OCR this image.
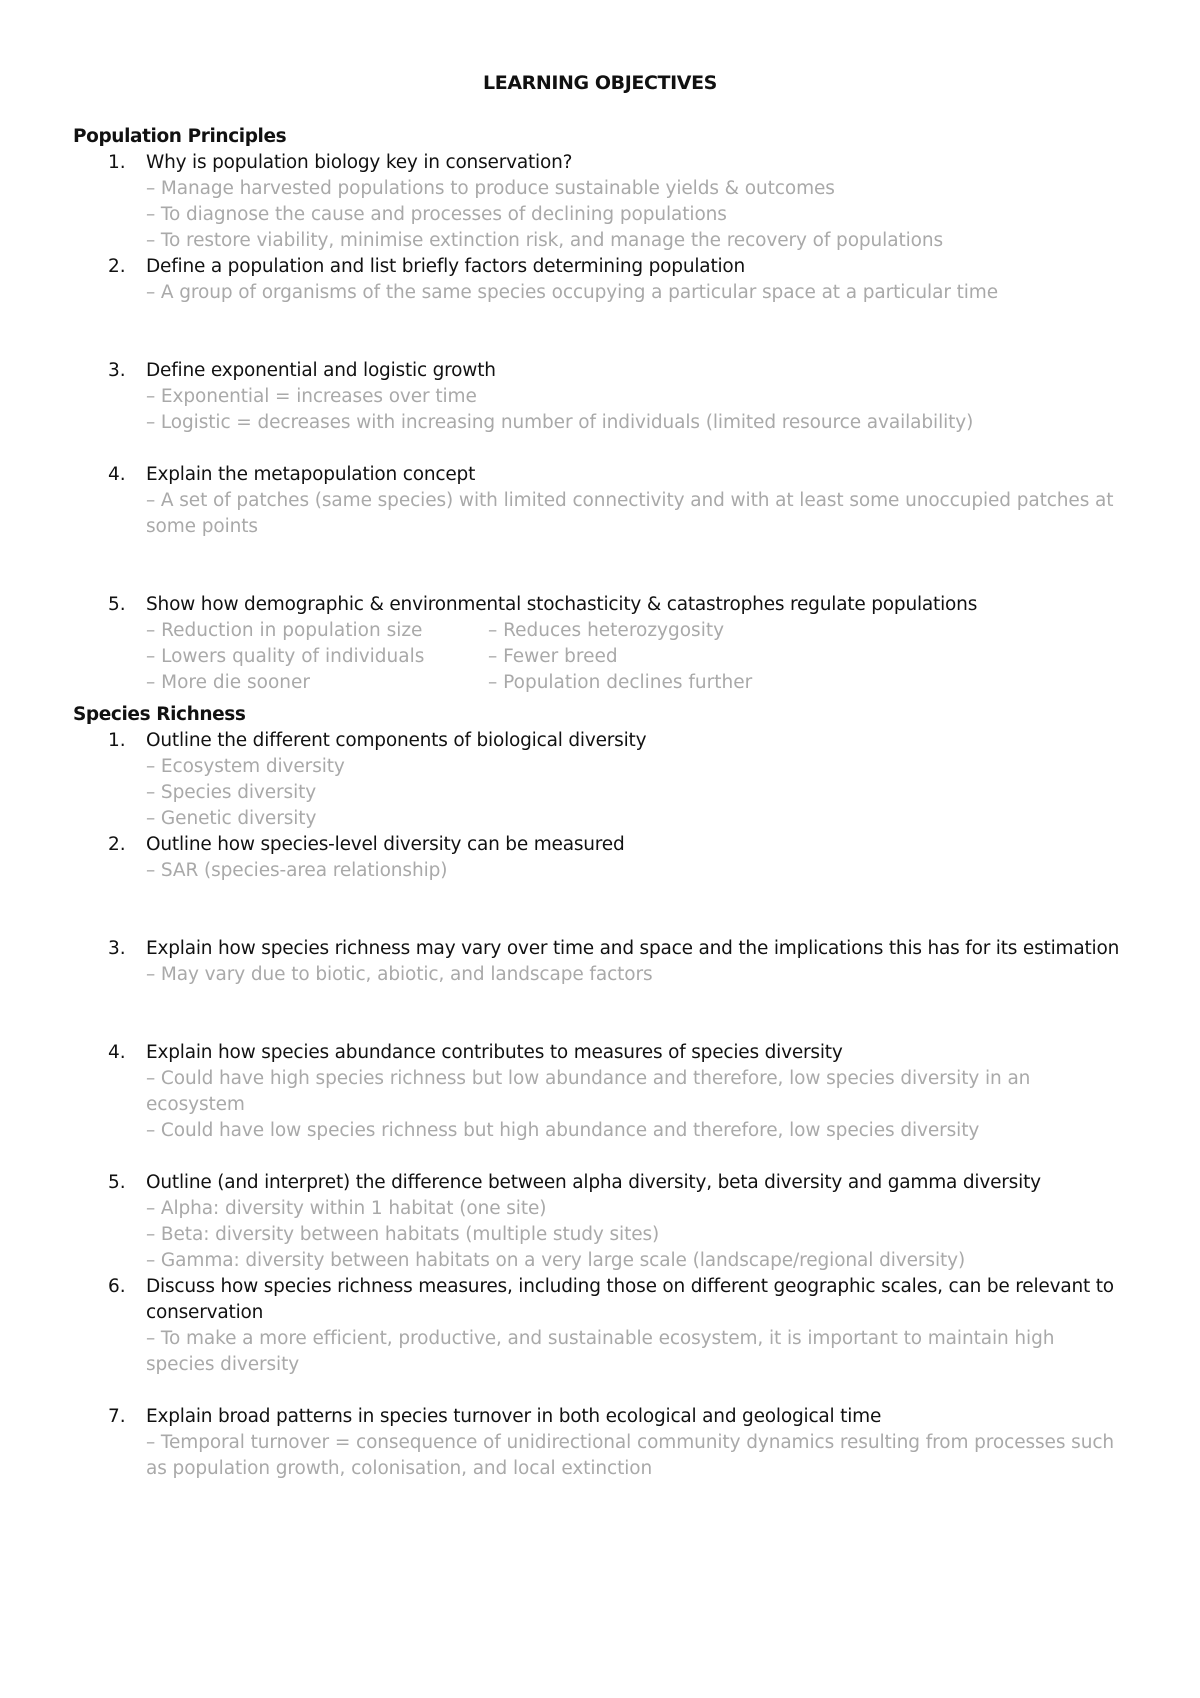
LEARNING OBJECTIVES
Population Principles
1.	Why is population biology key in conservation?
– Manage harvested populations to produce sustainable yields & outcomes
– To diagnose the cause and processes of declining populations
– To restore viability, minimise extinction risk, and manage the recovery of populations
2.	Define a population and list briefly factors determining population
– A group of organisms of the same species occupying a particular space at a particular time
3.	Define exponential and logistic growth
– Exponential = increases over time
– Logistic = decreases with increasing number of individuals (limited resource availability)
4.	Explain the metapopulation concept
– A set of patches (same species) with limited connectivity and with at least some unoccupied patches at some points
5.	Show how demographic & environmental stochasticity & catastrophes regulate populations
– Reduction in population size	– Reduces heterozygosity
– Lowers quality of individuals	– Fewer breed
– More die sooner	– Population declines further
Species Richness
1.	Outline the different components of biological diversity
– Ecosystem diversity
– Species diversity
– Genetic diversity
2.	Outline how species-level diversity can be measured
– SAR (species-area relationship)
3.	Explain how species richness may vary over time and space and the implications this has for its estimation
– May vary due to biotic, abiotic, and landscape factors
4.	Explain how species abundance contributes to measures of species diversity
– Could have high species richness but low abundance and therefore, low species diversity in an ecosystem
– Could have low species richness but high abundance and therefore, low species diversity
5.	Outline (and interpret) the difference between alpha diversity, beta diversity and gamma diversity
– Alpha: diversity within 1 habitat (one site)
– Beta: diversity between habitats (multiple study sites)
– Gamma: diversity between habitats on a very large scale (landscape/regional diversity)
6.	Discuss how species richness measures, including those on different geographic scales, can be relevant to conservation
– To make a more efficient, productive, and sustainable ecosystem, it is important to maintain high species diversity
7.	Explain broad patterns in species turnover in both ecological and geological time
– Temporal turnover = consequence of unidirectional community dynamics resulting from processes such as population growth, colonisation, and local extinction
